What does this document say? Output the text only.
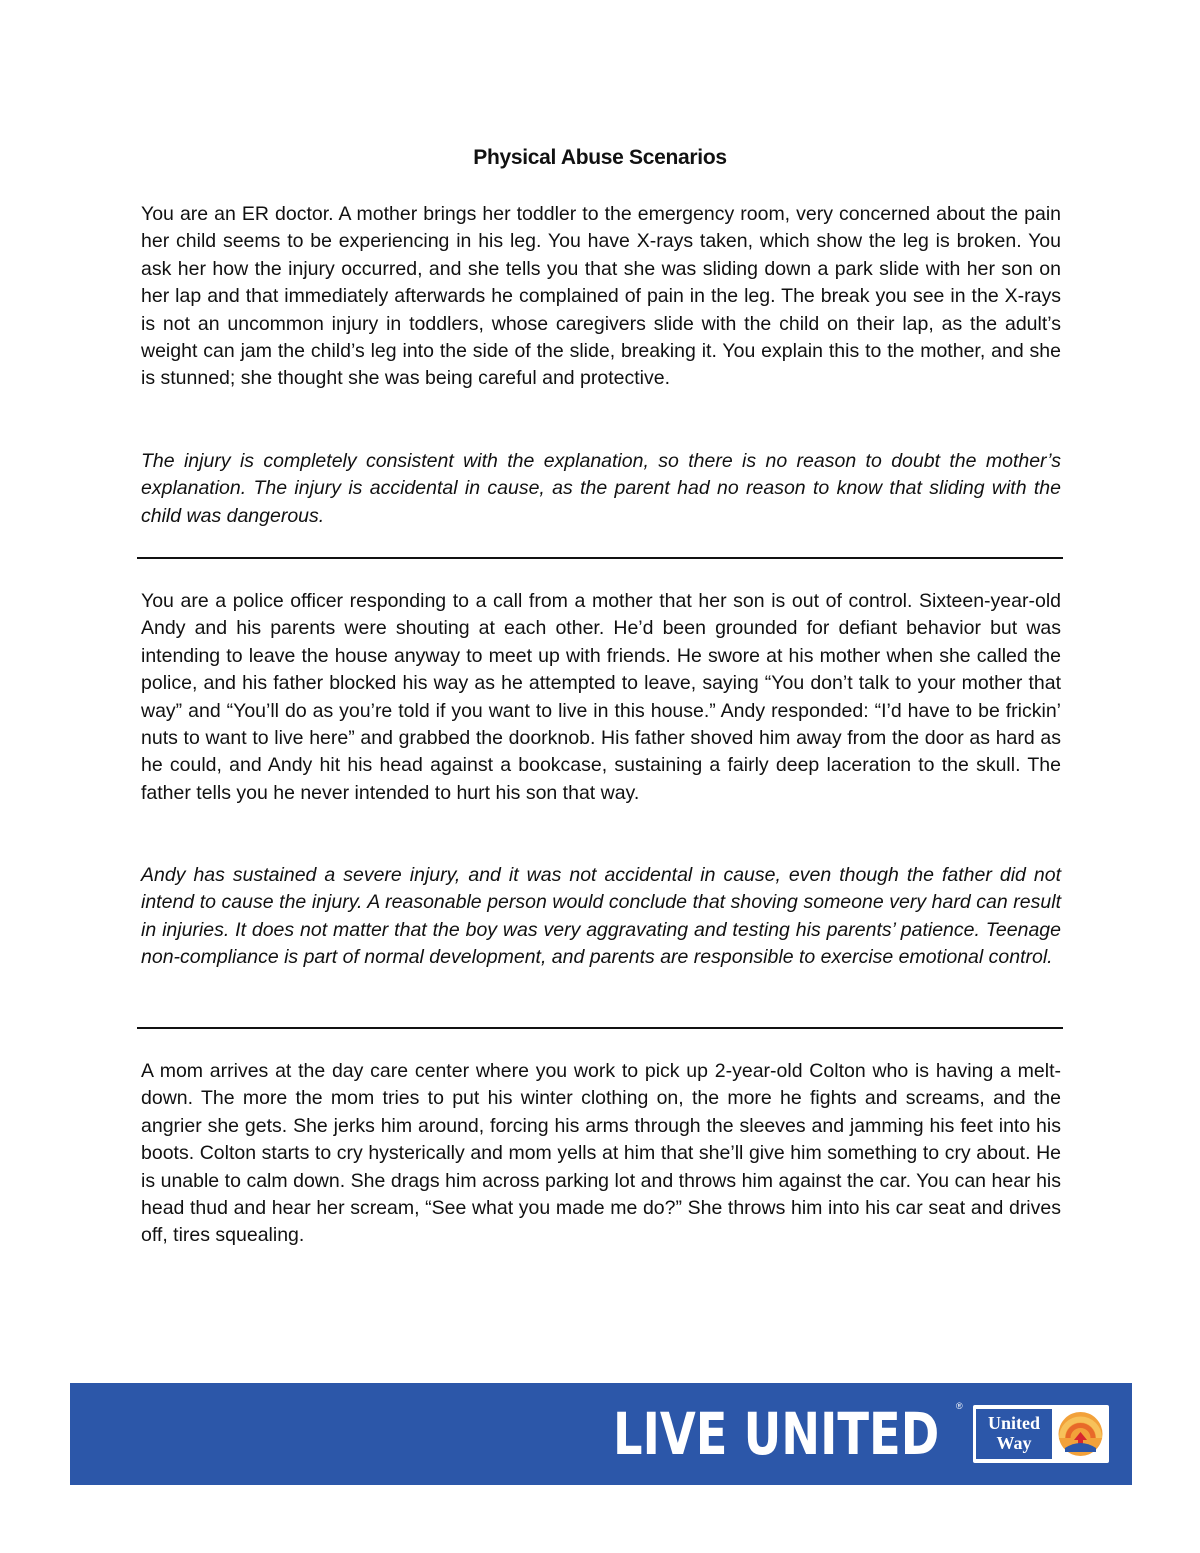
Physical Abuse Scenarios

You are an ER doctor. A mother brings her toddler to the emergency room, very concerned about the pain her child seems to be experiencing in his leg. You have X-rays taken, which show the leg is broken. You ask her how the injury occurred, and she tells you that she was sliding down a park slide with her son on her lap and that immediately afterwards he complained of pain in the leg. The break you see in the X-rays is not an uncommon injury in toddlers, whose caregivers slide with the child on their lap, as the adult’s weight can jam the child’s leg into the side of the slide, breaking it. You explain this to the mother, and she is stunned; she thought she was being careful and protective.

The injury is completely consistent with the explanation, so there is no reason to doubt the mother’s explanation. The injury is accidental in cause, as the parent had no reason to know that sliding with the child was dangerous.

You are a police officer responding to a call from a mother that her son is out of control. Sixteen-year-old Andy and his parents were shouting at each other. He’d been grounded for defiant behavior but was intending to leave the house anyway to meet up with friends. He swore at his mother when she called the police, and his father blocked his way as he attempted to leave, saying “You don’t talk to your mother that way” and “You’ll do as you’re told if you want to live in this house.” Andy responded: “I’d have to be frickin’ nuts to want to live here” and grabbed the doorknob. His father shoved him away from the door as hard as he could, and Andy hit his head against a bookcase, sustaining a fairly deep laceration to the skull. The father tells you he never intended to hurt his son that way.

Andy has sustained a severe injury, and it was not accidental in cause, even though the father did not intend to cause the injury. A reasonable person would conclude that shoving someone very hard can result in injuries. It does not matter that the boy was very aggravating and testing his parents’ patience. Teenage non-compliance is part of normal development, and parents are responsible to exercise emotional control.

A mom arrives at the day care center where you work to pick up 2-year-old Colton who is having a melt-down. The more the mom tries to put his winter clothing on, the more he fights and screams, and the angrier she gets. She jerks him around, forcing his arms through the sleeves and jamming his feet into his boots. Colton starts to cry hysterically and mom yells at him that she’ll give him something to cry about. He is unable to calm down. She drags him across parking lot and throws him against the car. You can hear his head thud and hear her scream, “See what you made me do?” She throws him into his car seat and drives off, tires squealing.

LIVE UNITED ®
United
Way
